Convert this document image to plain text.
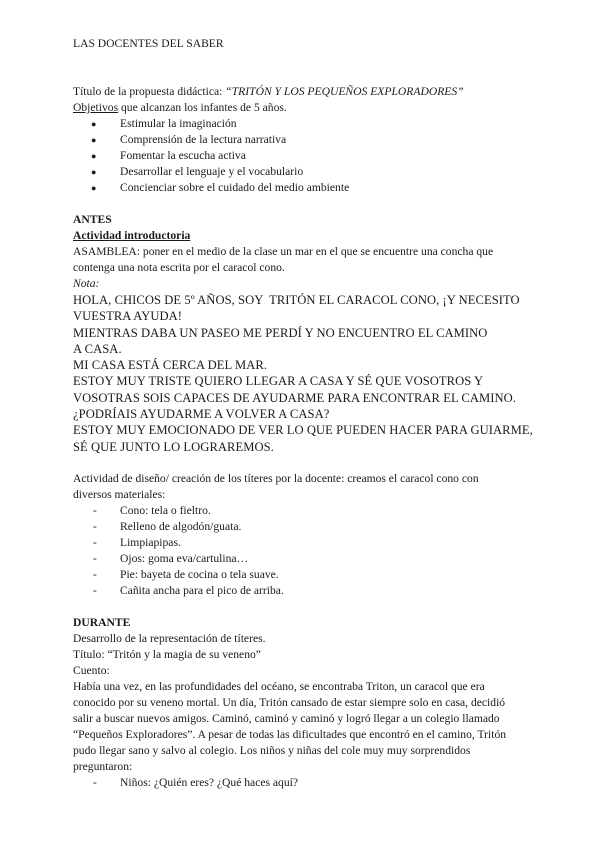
LAS DOCENTES DEL SABER
Título de la propuesta didáctica: “TRITÓN Y LOS PEQUEÑOS EXPLORADORES”
Objetivos que alcanzan los infantes de 5 años.
● Estimular la imaginación
● Comprensión de la lectura narrativa
● Fomentar la escucha activa
● Desarrollar el lenguaje y el vocabulario
● Concienciar sobre el cuidado del medio ambiente
ANTES
Actividad introductoria
ASAMBLEA: poner en el medio de la clase un mar en el que se encuentre una concha que
contenga una nota escrita por el caracol cono.
Nota:
HOLA, CHICOS DE 5º AÑOS, SOY  TRITÓN EL CARACOL CONO, ¡Y NECESITO
VUESTRA AYUDA!
MIENTRAS DABA UN PASEO ME PERDÍ Y NO ENCUENTRO EL CAMINO
A CASA.
MI CASA ESTÁ CERCA DEL MAR.
ESTOY MUY TRISTE QUIERO LLEGAR A CASA Y SÉ QUE VOSOTROS Y
VOSOTRAS SOIS CAPACES DE AYUDARME PARA ENCONTRAR EL CAMINO.
¿PODRÍAIS AYUDARME A VOLVER A CASA?
ESTOY MUY EMOCIONADO DE VER LO QUE PUEDEN HACER PARA GUIARME,
SÉ QUE JUNTO LO LOGRAREMOS.
Actividad de diseño/ creación de los títeres por la docente: creamos el caracol cono con
diversos materiales:
- Cono: tela o fieltro.
- Relleno de algodón/guata.
- Limpiapipas.
- Ojos: goma eva/cartulina…
- Pie: bayeta de cocina o tela suave.
- Cañita ancha para el pico de arriba.
DURANTE
Desarrollo de la representación de títeres.
Título: “Tritón y la magia de su veneno”
Cuento:
Había una vez, en las profundidades del océano, se encontraba Triton, un caracol que era
conocido por su veneno mortal. Un día, Tritón cansado de estar siempre solo en casa, decidió
salir a buscar nuevos amigos. Caminó, caminó y caminó y logró llegar a un colegio llamado
“Pequeños Exploradores”. A pesar de todas las dificultades que encontró en el camino, Tritón
pudo llegar sano y salvo al colegio. Los niños y niñas del cole muy muy sorprendidos
preguntaron:
- Niños: ¿Quién eres? ¿Qué haces aquí?
